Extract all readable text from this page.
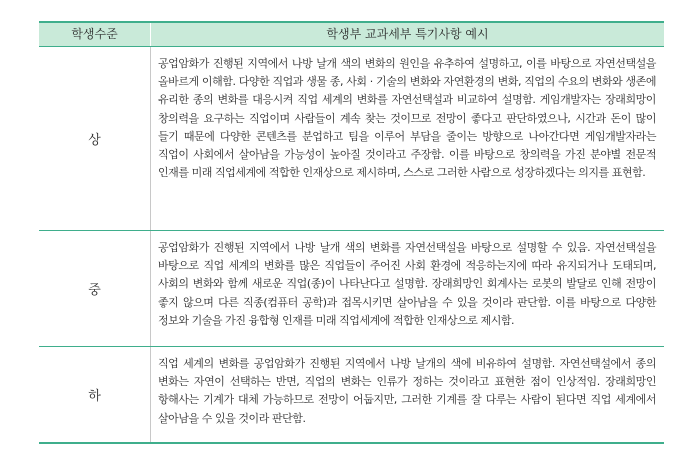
학생수준	학생부 교과세부 특기사항 예시
상
공업암화가 진행된 지역에서 나방 날개 색의 변화의 원인을 유추하여 설명하고, 이를 바탕으로 자연선택설을 올바르게 이해함. 다양한 직업과 생물 종, 사회 · 기술의 변화와 자연환경의 변화, 직업의 수요의 변화와 생존에 유리한 종의 변화를 대응시켜 직업 세계의 변화를 자연선택설과 비교하여 설명함. 게임개발자는 장래희망이 창의력을 요구하는 직업이며 사람들이 계속 찾는 것이므로 전망이 좋다고 판단하였으나, 시간과 돈이 많이 들기 때문에 다양한 콘텐츠를 분업하고 팀을 이루어 부담을 줄이는 방향으로 나아간다면 게임개발자라는 직업이 사회에서 살아남을 가능성이 높아질 것이라고 주장함. 이를 바탕으로 창의력을 가진 분야별 전문적 인재를 미래 직업세계에 적합한 인재상으로 제시하며, 스스로 그러한 사람으로 성장하겠다는 의지를 표현함.
중
공업암화가 진행된 지역에서 나방 날개 색의 변화를 자연선택설을 바탕으로 설명할 수 있음. 자연선택설을 바탕으로 직업 세계의 변화를 많은 직업들이 주어진 사회 환경에 적응하는지에 따라 유지되거나 도태되며, 사회의 변화와 함께 새로운 직업(종)이 나타난다고 설명함. 장래희망인 회계사는 로봇의 발달로 인해 전망이 좋지 않으며 다른 직종(컴퓨터 공학)과 접목시키면 살아남을 수 있을 것이라 판단함. 이를 바탕으로 다양한 정보와 기술을 가진 융합형 인재를 미래 직업세계에 적합한 인재상으로 제시함.
하
직업 세계의 변화를 공업암화가 진행된 지역에서 나방 날개의 색에 비유하여 설명함. 자연선택설에서 종의 변화는 자연이 선택하는 반면, 직업의 변화는 인류가 정하는 것이라고 표현한 점이 인상적임. 장래희망인 항해사는 기계가 대체 가능하므로 전망이 어둡지만, 그러한 기계를 잘 다루는 사람이 된다면 직업 세계에서 살아남을 수 있을 것이라 판단함.
